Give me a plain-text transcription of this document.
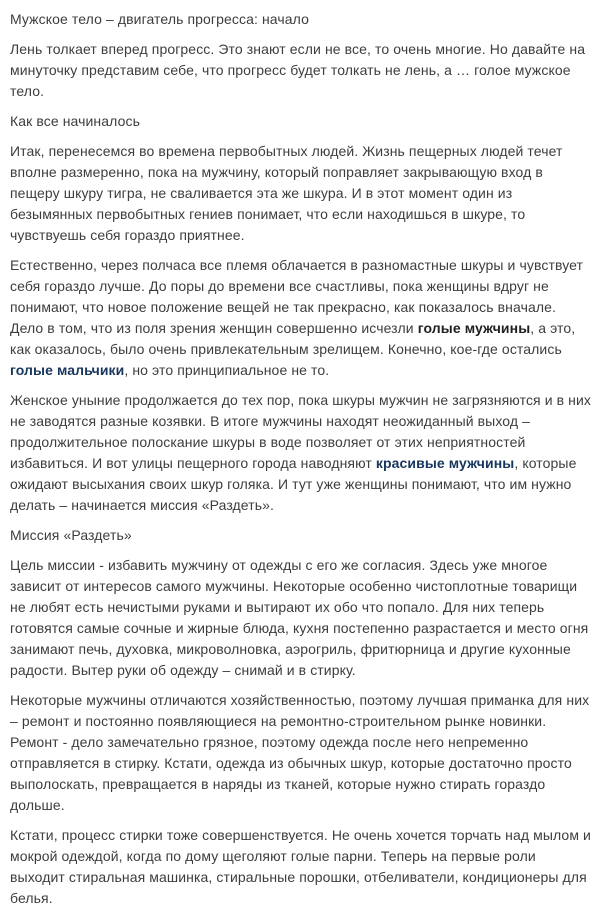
Мужское тело – двигатель прогресса: начало

Лень толкает вперед прогресс. Это знают если не все, то очень многие. Но давайте на минуточку представим себе, что прогресс будет толкать не лень, а … голое мужское тело.

Как все начиналось

Итак, перенесемся во времена первобытных людей. Жизнь пещерных людей течет вполне размеренно, пока на мужчину, который поправляет закрывающую вход в пещеру шкуру тигра, не сваливается эта же шкура. И в этот момент один из безымянных первобытных гениев понимает, что если находишься в шкуре, то чувствуешь себя гораздо приятнее.

Естественно, через полчаса все племя облачается в разномастные шкуры и чувствует себя гораздо лучше. До поры до времени все счастливы, пока женщины вдруг не понимают, что новое положение вещей не так прекрасно, как показалось вначале. Дело в том, что из поля зрения женщин совершенно исчезли голые мужчины, а это, как оказалось, было очень привлекательным зрелищем. Конечно, кое-где остались голые мальчики, но это принципиальное не то.

Женское уныние продолжается до тех пор, пока шкуры мужчин не загрязняются и в них не заводятся разные козявки. В итоге мужчины находят неожиданный выход – продолжительное полоскание шкуры в воде позволяет от этих неприятностей избавиться. И вот улицы пещерного города наводняют красивые мужчины, которые ожидают высыхания своих шкур голяка. И тут уже женщины понимают, что им нужно делать – начинается миссия «Раздеть».

Миссия «Раздеть»

Цель миссии - избавить мужчину от одежды с его же согласия. Здесь уже многое зависит от интересов самого мужчины. Некоторые особенно чистоплотные товарищи не любят есть нечистыми руками и вытирают их обо что попало. Для них теперь готовятся самые сочные и жирные блюда, кухня постепенно разрастается и место огня занимают печь, духовка, микроволновка, аэрогриль, фритюрница и другие кухонные радости. Вытер руки об одежду – снимай и в стирку.

Некоторые мужчины отличаются хозяйственностью, поэтому лучшая приманка для них – ремонт и постоянно появляющиеся на ремонтно-строительном рынке новинки. Ремонт - дело замечательно грязное, поэтому одежда после него непременно отправляется в стирку. Кстати, одежда из обычных шкур, которые достаточно просто выполоскать, превращается в наряды из тканей, которые нужно стирать гораздо дольше.

Кстати, процесс стирки тоже совершенствуется. Не очень хочется торчать над мылом и мокрой одеждой, когда по дому щеголяют голые парни. Теперь на первые роли выходит стиральная машинка, стиральные порошки, отбеливатели, кондиционеры для белья.
